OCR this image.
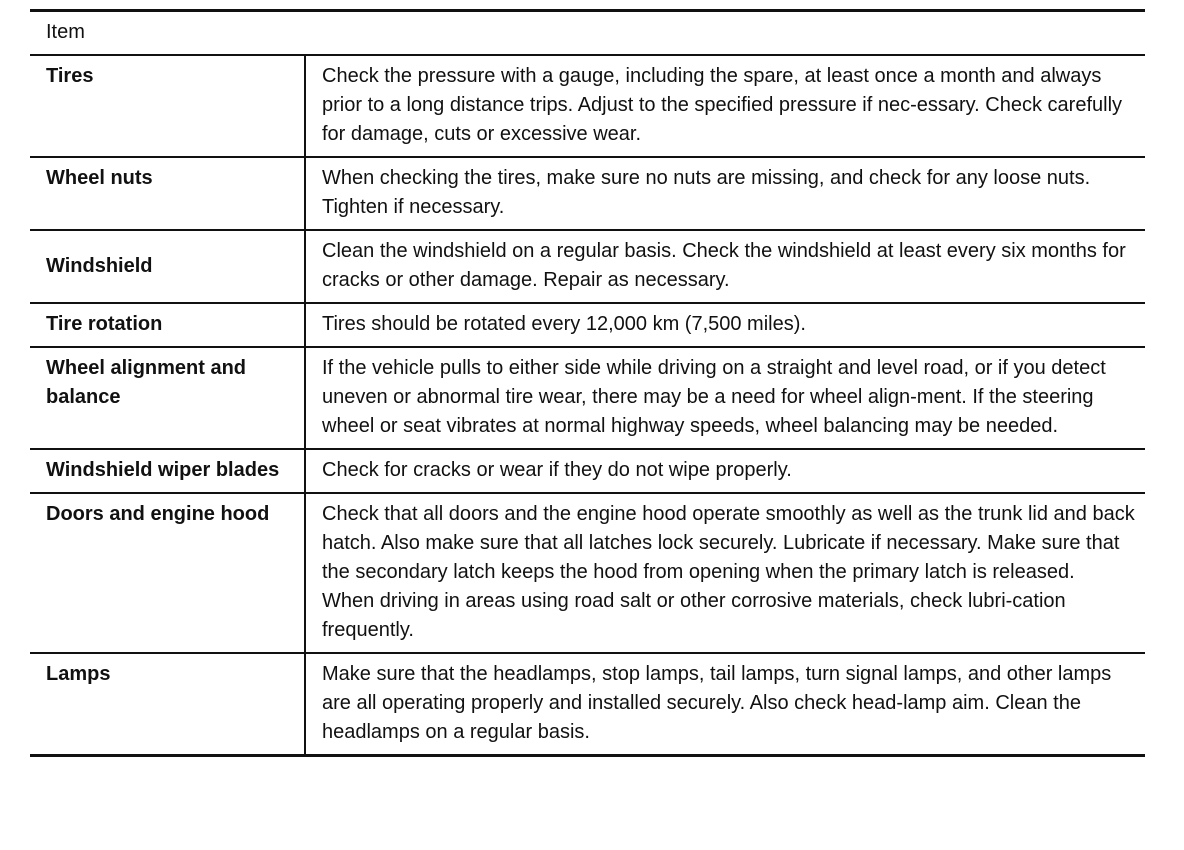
Item	
Tires	Check the pressure with a gauge, including the spare, at least once a month and always prior to a long distance trips. Adjust to the specified pressure if nec-essary. Check carefully for damage, cuts or excessive wear.
Wheel nuts	When checking the tires, make sure no nuts are missing, and check for any loose nuts. Tighten if necessary.
Windshield	Clean the windshield on a regular basis. Check the windshield at least every six months for cracks or other damage. Repair as necessary.
Tire rotation	Tires should be rotated every 12,000 km (7,500 miles).
Wheel alignment and balance	If the vehicle pulls to either side while driving on a straight and level road, or if you detect uneven or abnormal tire wear, there may be a need for wheel align-ment. If the steering wheel or seat vibrates at normal highway speeds, wheel balancing may be needed.
Windshield wiper blades	Check for cracks or wear if they do not wipe properly.
Doors and engine hood	Check that all doors and the engine hood operate smoothly as well as the trunk lid and back hatch. Also make sure that all latches lock securely. Lubricate if necessary. Make sure that the secondary latch keeps the hood from opening when the primary latch is released.
When driving in areas using road salt or other corrosive materials, check lubri-cation frequently.

Lamps	Make sure that the headlamps, stop lamps, tail lamps, turn signal lamps, and other lamps are all operating properly and installed securely. Also check head-lamp aim. Clean the headlamps on a regular basis.
